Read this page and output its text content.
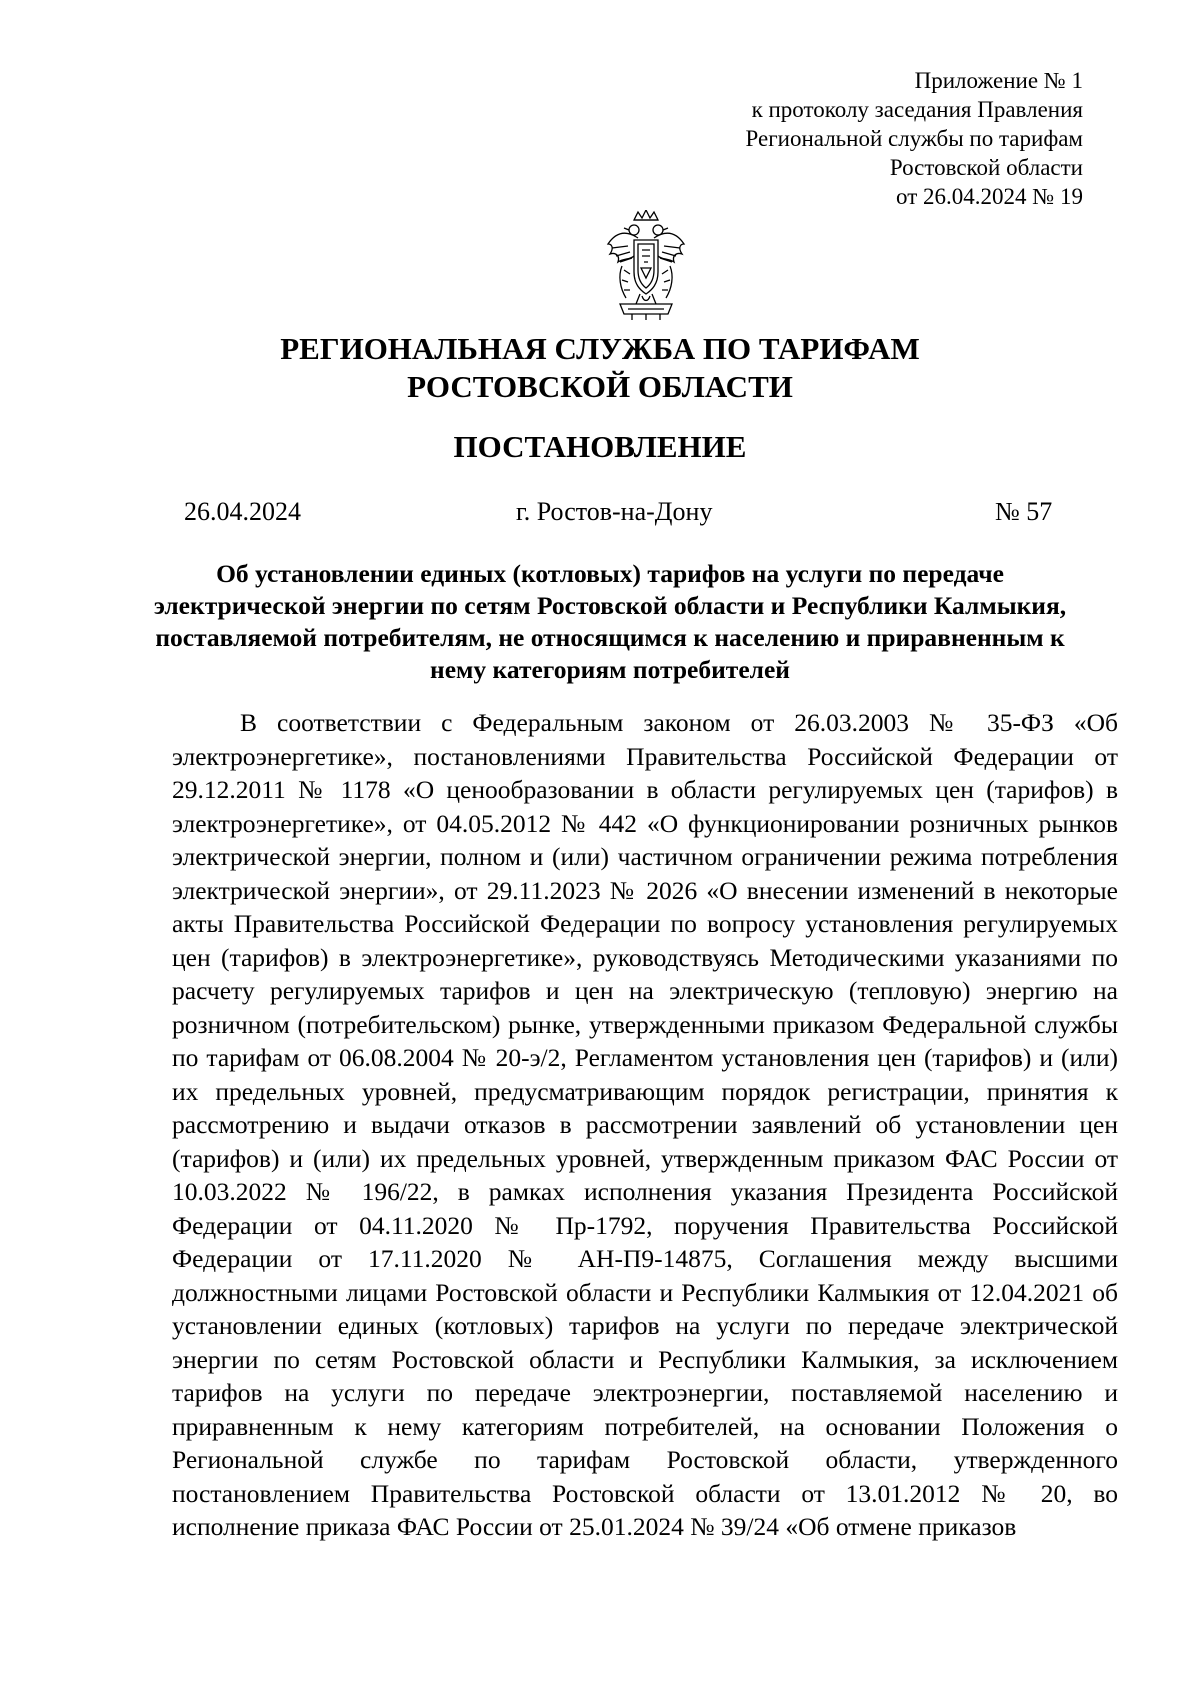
Приложение № 1
к протоколу заседания Правления
Региональной службы по тарифам
Ростовской области
от 26.04.2024 № 19
РЕГИОНАЛЬНАЯ СЛУЖБА ПО ТАРИФАМ
РОСТОВСКОЙ ОБЛАСТИ
ПОСТАНОВЛЕНИЕ
26.04.2024	г. Ростов-на-Дону	№ 57
Об установлении единых (котловых) тарифов на услуги по передаче электрической энергии по сетям Ростовской области и Республики Калмыкия, поставляемой потребителям, не относящимся к населению и приравненным к нему категориям потребителей

В соответствии с Федеральным законом от 26.03.2003 № 35-ФЗ «Об электроэнергетике», постановлениями Правительства Российской Федерации от 29.12.2011 № 1178 «О ценообразовании в области регулируемых цен (тарифов) в электроэнергетике», от 04.05.2012 № 442 «О функционировании розничных рынков электрической энергии, полном и (или) частичном ограничении режима потребления электрической энергии», от 29.11.2023 № 2026 «О внесении изменений в некоторые акты Правительства Российской Федерации по вопросу установления регулируемых цен (тарифов) в электроэнергетике», руководствуясь Методическими указаниями по расчету регулируемых тарифов и цен на электрическую (тепловую) энергию на розничном (потребительском) рынке, утвержденными приказом Федеральной службы по тарифам от 06.08.2004 № 20-э/2, Регламентом установления цен (тарифов) и (или) их предельных уровней, предусматривающим порядок регистрации, принятия к рассмотрению и выдачи отказов в рассмотрении заявлений об установлении цен (тарифов) и (или) их предельных уровней, утвержденным приказом ФАС России от 10.03.2022 № 196/22, в рамках исполнения указания Президента Российской Федерации от 04.11.2020 № Пр-1792, поручения Правительства Российской Федерации от 17.11.2020 № АН-П9-14875, Соглашения между высшими должностными лицами Ростовской области и Республики Калмыкия от 12.04.2021 об установлении единых (котловых) тарифов на услуги по передаче электрической энергии по сетям Ростовской области и Республики Калмыкия, за исключением тарифов на услуги по передаче электроэнергии, поставляемой населению и приравненным к нему категориям потребителей, на основании Положения о Региональной службе по тарифам Ростовской области, утвержденного постановлением Правительства Ростовской области от 13.01.2012 № 20, во исполнение приказа ФАС России от 25.01.2024 № 39/24 «Об отмене приказов
